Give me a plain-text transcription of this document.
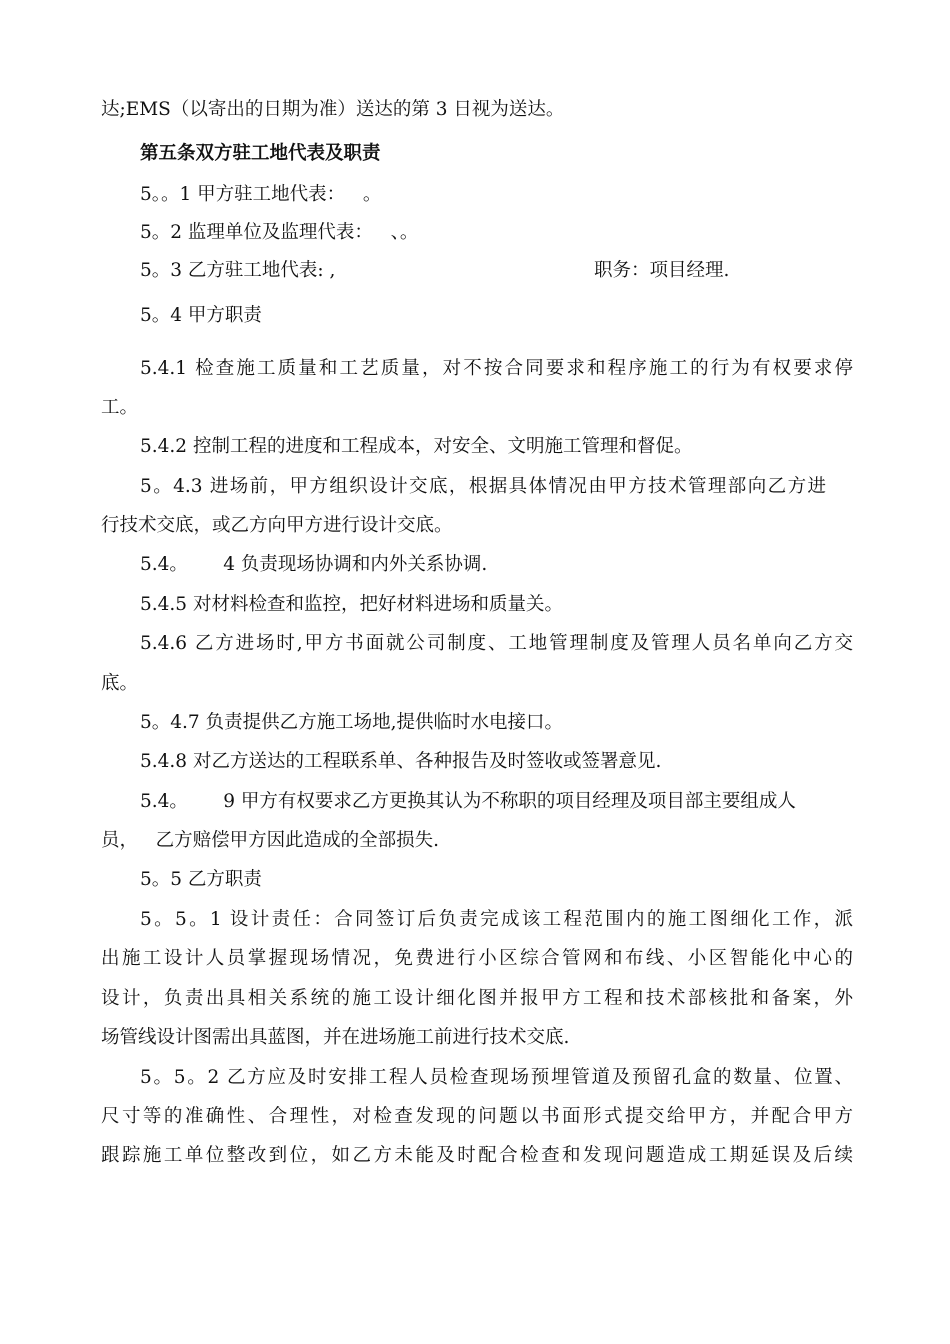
达;EMS（以寄出的日期为准）送达的第 3 日视为送达。

第五条双方驻工地代表及职责

5。。1 甲方驻工地代表：   。

5。2 监理单位及监理代表：   、。

5。3 乙方驻工地代表: ,	职务：项目经理.

5。4 甲方职责

5.4.1 检查施工质量和工艺质量，对不按合同要求和程序施工的行为有权要求停

工。

5.4.2 控制工程的进度和工程成本，对安全、文明施工管理和督促。

5。4.3 进场前，甲方组织设计交底，根据具体情况由甲方技术管理部向乙方进

行技术交底，或乙方向甲方进行设计交底。

5.4。      4 负责现场协调和内外关系协调.

5.4.5 对材料检查和监控，把好材料进场和质量关。

5.4.6 乙方进场时,甲方书面就公司制度、工地管理制度及管理人员名单向乙方交

底。

5。4.7 负责提供乙方施工场地,提供临时水电接口。

5.4.8 对乙方送达的工程联系单、各种报告及时签收或签署意见.

5.4。      9 甲方有权要求乙方更换其认为不称职的项目经理及项目部主要组成人

员，   乙方赔偿甲方因此造成的全部损失.

5。5 乙方职责

5。5。1 设计责任：合同签订后负责完成该工程范围内的施工图细化工作，派

出施工设计人员掌握现场情况，免费进行小区综合管网和布线、小区智能化中心的

设计，负责出具相关系统的施工设计细化图并报甲方工程和技术部核批和备案，外

场管线设计图需出具蓝图，并在进场施工前进行技术交底.

5。5。2 乙方应及时安排工程人员检查现场预埋管道及预留孔盒的数量、位置、

尺寸等的准确性、合理性，对检查发现的问题以书面形式提交给甲方，并配合甲方

跟踪施工单位整改到位，如乙方未能及时配合检查和发现问题造成工期延误及后续
